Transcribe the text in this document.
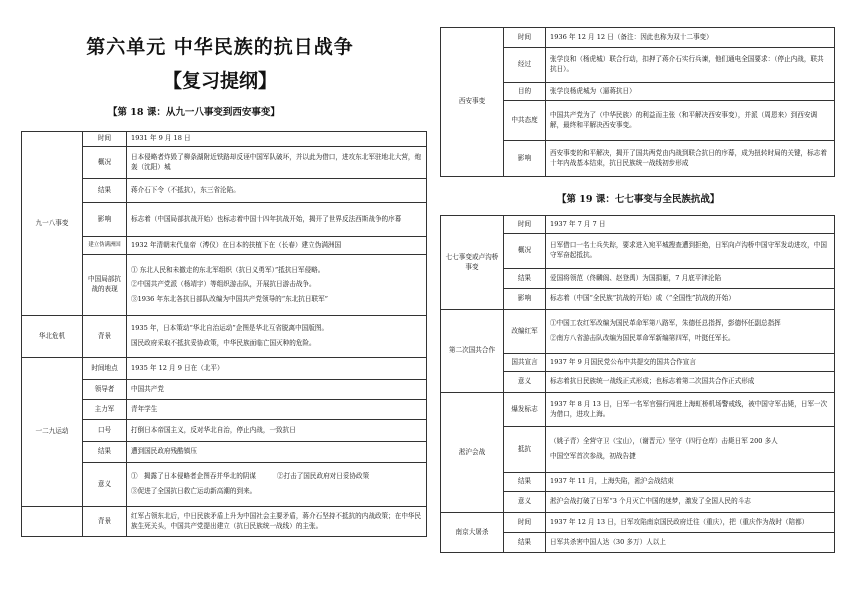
第六单元 中华民族的抗日战争
【复习提纲】
【第 18 课：从九一八事变到西安事变】
九一八事变	时间	1931 年 9 月 18 日
	概况	日本侵略者炸毁了柳条湖附近铁路却反诬中国军队破坏，并以此为借口，进攻东北军驻地北大营，炮轰（沈阳）城
	结果	蒋介石下令（不抵抗），东三省沦陷。
	影响	标志着（中国局部抗战开始）也标志着中国十四年抗战开始，揭开了世界反法西斯战争的序幕
	建立伪满洲国	1932 年清朝末代皇帝（溥仪）在日本的扶植下在（长春）建立伪满洲国
	中国局部抗战的表现	① 东北人民和未撤走的东北军组织（抗日义勇军）”抵抗日军侵略。
②中国共产党派（杨靖宇）等组织游击队，开展抗日游击战争。
③1936 年东北各抗日部队改编为中国共产党领导的“东北抗日联军”

华北危机	背景	1935 年，日本策动“华北自治运动”企图是华北互省脱离中国版图。
国民政府采取不抵抗妥协政策，中华民族面临亡国灭种的危险。

一二九运动	时间地点	1935 年 12 月 9 日在（北平）
	领导者	中国共产党
	主力军	青年学生
	口号	打倒日本帝国主义，反对华北自治，停止内战，一致抗日
	结果	遭到国民政府残酷镇压
	意义	①   揭露了日本侵略者企图吞并华北的阴谋          ②打击了国民政府对日妥协政策
③促进了全国抗日救亡运动新高潮的到来。

	背景	红军占领东北后，中日民族矛盾上升为中国社会主要矛盾，蒋介石坚持不抵抗的内战政策；在中华民族生死关头，中国共产党提出建立（抗日民族统一战线）的主张。
西安事变	时间	1936 年 12 月 12 日（备注：因此也称为双十二事变）
	经过	张学良和（杨虎城）联合行动，扣押了蒋介石实行兵谏，他们通电全国要求：（停止内战，联共抗日）。
	目的	张学良杨虎城为（逼蒋抗日）
	中共态度	中国共产党为了（中华民族）的利益而主张（和平解决西安事变），并派（周恩来）到西安调解，最终和平解决西安事变。
	影响	西安事变的和平解决，揭开了国共两党由内战到联合抗日的序幕，成为扭转时局的关键，标志着十年内战基本结束，抗日民族统一战线初步形成
【第 19 课：七七事变与全民族抗战】
七七事变或卢沟桥事变	时间	1937 年 7 月 7 日
	概况	日军借口一名士兵失踪，要求进入宛平城搜查遭到拒绝，日军向卢沟桥中国守军发动进攻，中国守军奋起抵抗。
	结果	爱国将领范（佟麟阁、赵登禹）为国捐躯，7 月底平津沦陷
	影响	标志着（中国“全民族”抗战的开始）或（“全国性”抗战的开始）
第二次国共合作	改编红军	①中国工农红军改编为国民革命军第八路军，朱德任总指挥，彭德怀任副总指挥
②南方八省游击队改编为国民革命军新编第四军，叶挺任军长。

	国共宣言	1937 年 9 月国民党公布中共提交的国共合作宣言
	意义	标志着抗日民族统一战线正式形成；也标志着第二次国共合作正式形成
淞沪会战	爆发标志	1937 年 8 月 13 日，日军一名军官强行闯进上海虹桥机场警戒线，被中国守军击毙，日军一次为借口，进攻上海。
	抵抗	（姚子青）全营守卫（宝山），（谢晋元）坚守（四行仓库）击毙日军 200 多人
中国空军首次参战，初战告捷

	结果	1937 年 11 月，上海失陷，淞沪会战结束
	意义	淞沪会战打破了日军“3 个月灭亡中国的迷梦，激发了全国人民的斗志
南京大屠杀	时间	1937 年 12 月 13 日，日军攻陷南京国民政府迁往（重庆），把（重庆作为战时（陪都）
	结果	日军共杀害中国人达（30 多万）人以上
